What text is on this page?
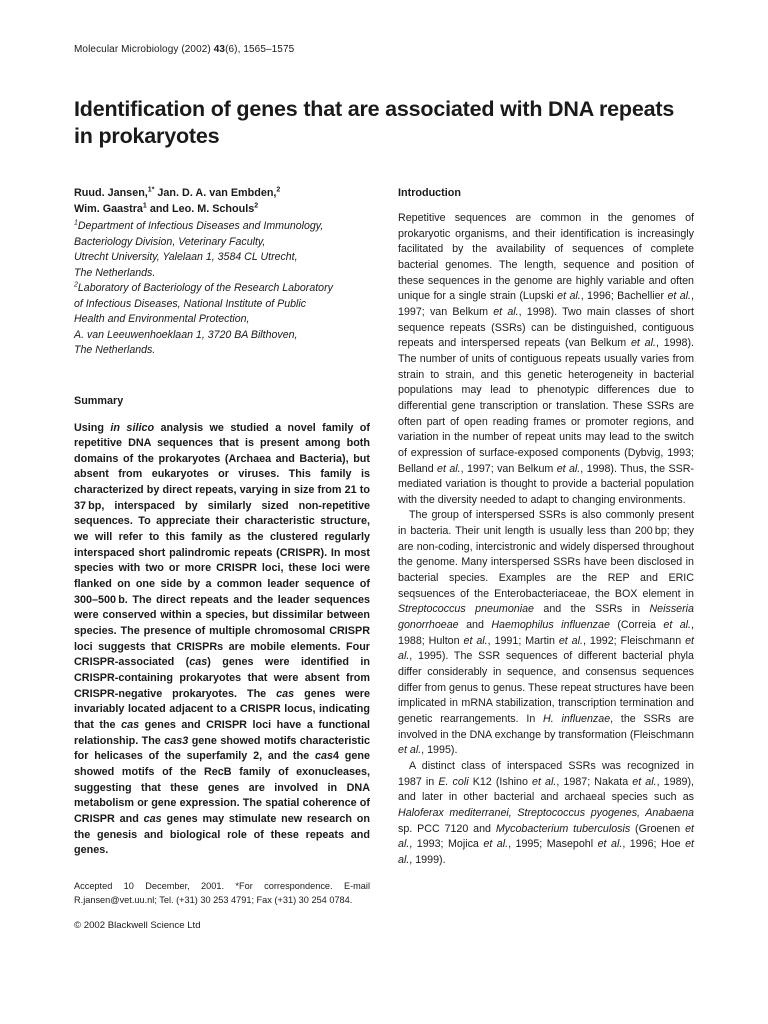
Molecular Microbiology (2002) 43(6), 1565–1575
Identification of genes that are associated with DNA repeats in prokaryotes

Ruud. Jansen,$^{1*}$ Jan. D. A. van Embden,$^2$
Wim. Gaastra$^1$ and Leo. M. Schouls$^2$

$^1$Department of Infectious Diseases and Immunology,
Bacteriology Division, Veterinary Faculty,
Utrecht University, Yalelaan 1, 3584 CL Utrecht,
The Netherlands.

$^2$Laboratory of Bacteriology of the Research Laboratory
of Infectious Diseases, National Institute of Public
Health and Environmental Protection,
A. van Leeuwenhoeklaan 1, 3720 BA Bilthoven,
The Netherlands.

Summary

Using in silico analysis we studied a novel family of repetitive DNA sequences that is present among both domains of the prokaryotes (Archaea and Bacteria), but absent from eukaryotes or viruses. This family is characterized by direct repeats, varying in size from 21 to 37 bp, interspaced by similarly sized non-repetitive sequences. To appreciate their characteristic structure, we will refer to this family as the clustered regularly interspaced short palindromic repeats (CRISPR). In most species with two or more CRISPR loci, these loci were flanked on one side by a common leader sequence of 300–500 b. The direct repeats and the leader sequences were conserved within a species, but dissimilar between species. The presence of multiple chromosomal CRISPR loci suggests that CRISPRs are mobile elements. Four CRISPR-associated (cas) genes were identified in CRISPR-containing prokaryotes that were absent from CRISPR-negative prokaryotes. The cas genes were invariably located adjacent to a CRISPR locus, indicating that the cas genes and CRISPR loci have a functional relationship. The cas3 gene showed motifs characteristic for helicases of the superfamily 2, and the cas4 gene showed motifs of the RecB family of exonucleases, suggesting that these genes are involved in DNA metabolism or gene expression. The spatial coherence of CRISPR and cas genes may stimulate new research on the genesis and biological role of these repeats and genes.

Accepted 10 December, 2001. *For correspondence. E-mail R.jansen@vet.uu.nl; Tel. (+31) 30 253 4791; Fax (+31) 30 254 0784.

© 2002 Blackwell Science Ltd

Introduction

Repetitive sequences are common in the genomes of prokaryotic organisms, and their identification is increasingly facilitated by the availability of sequences of complete bacterial genomes. The length, sequence and position of these sequences in the genome are highly variable and often unique for a single strain (Lupski et al., 1996; Bachellier et al., 1997; van Belkum et al., 1998). Two main classes of short sequence repeats (SSRs) can be distinguished, contiguous repeats and interspersed repeats (van Belkum et al., 1998). The number of units of contiguous repeats usually varies from strain to strain, and this genetic heterogeneity in bacterial populations may lead to phenotypic differences due to differential gene transcription or translation. These SSRs are often part of open reading frames or promoter regions, and variation in the number of repeat units may lead to the switch of expression of surface-exposed components (Dybvig, 1993; Belland et al., 1997; van Belkum et al., 1998). Thus, the SSR-mediated variation is thought to provide a bacterial population with the diversity needed to adapt to changing environments.

The group of interspersed SSRs is also commonly present in bacteria. Their unit length is usually less than 200 bp; they are non-coding, intercistronic and widely dispersed throughout the genome. Many interspersed SSRs have been disclosed in bacterial species. Examples are the REP and ERIC seqsuences of the Enterobacteriaceae, the BOX element in Streptococcus pneumoniae and the SSRs in Neisseria gonorrhoeae and Haemophilus influenzae (Correia et al., 1988; Hulton et al., 1991; Martin et al., 1992; Fleischmann et al., 1995). The SSR sequences of different bacterial phyla differ considerably in sequence, and consensus sequences differ from genus to genus. These repeat structures have been implicated in mRNA stabilization, transcription termination and genetic rearrangements. In H. influenzae, the SSRs are involved in the DNA exchange by transformation (Fleischmann et al., 1995).

A distinct class of interspaced SSRs was recognized in 1987 in E. coli K12 (Ishino et al., 1987; Nakata et al., 1989), and later in other bacterial and archaeal species such as Haloferax mediterranei, Streptococcus pyogenes, Anabaena sp. PCC 7120 and Mycobacterium tuberculosis (Groenen et al., 1993; Mojica et al., 1995; Masepohl et al., 1996; Hoe et al., 1999).
